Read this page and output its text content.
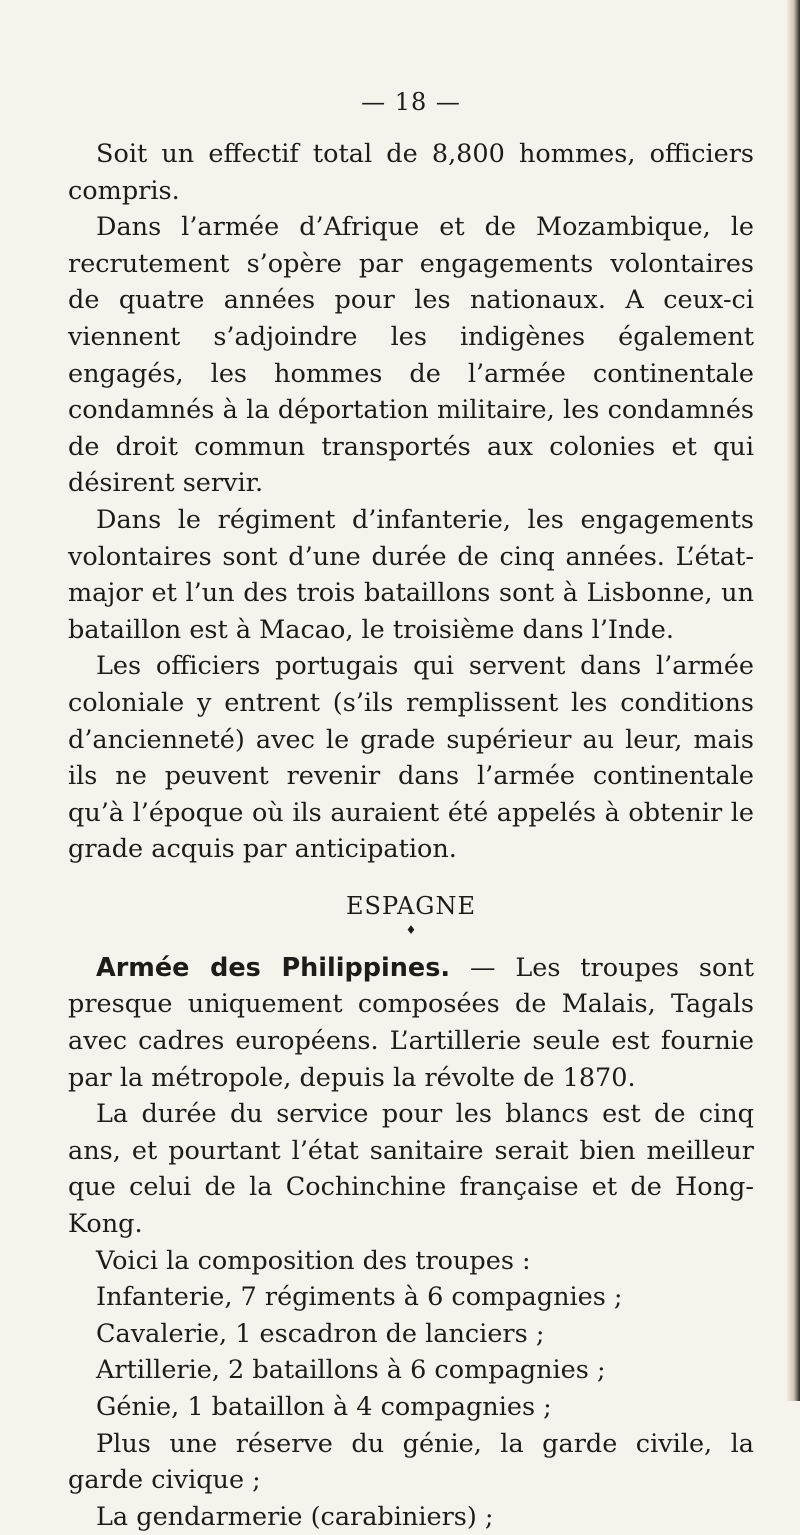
— 18 —

Soit un effectif total de 8,800 hommes, officiers compris.

Dans l’armée d’Afrique et de Mozambique, le recrutement s’opère par engagements volontaires de quatre années pour les nationaux. A ceux-ci viennent s’adjoindre les indigènes également engagés, les hommes de l’armée continentale condamnés à la déportation militaire, les condamnés de droit commun transportés aux colonies et qui désirent servir.

Dans le régiment d’infanterie, les engagements volontaires sont d’une durée de cinq années. L’état-major et l’un des trois bataillons sont à Lisbonne, un bataillon est à Macao, le troisième dans l’Inde.

Les officiers portugais qui servent dans l’armée coloniale y entrent (s’ils remplissent les conditions d’ancienneté) avec le grade supérieur au leur, mais ils ne peuvent revenir dans l’armée continentale qu’à l’époque où ils auraient été appelés à obtenir le grade acquis par anticipation.

ESPAGNE
♦

Armée des Philippines. — Les troupes sont presque uniquement composées de Malais, Tagals avec cadres européens. L’artillerie seule est fournie par la métropole, depuis la révolte de 1870.

La durée du service pour les blancs est de cinq ans, et pourtant l’état sanitaire serait bien meilleur que celui de la Cochinchine française et de Hong-Kong.

Voici la composition des troupes :

Infanterie, 7 régiments à 6 compagnies ;

Cavalerie, 1 escadron de lanciers ;

Artillerie, 2 bataillons à 6 compagnies ;

Génie, 1 bataillon à 4 compagnies ;

Plus une réserve du génie, la garde civile, la garde civique ;

La gendarmerie (carabiniers) ;
